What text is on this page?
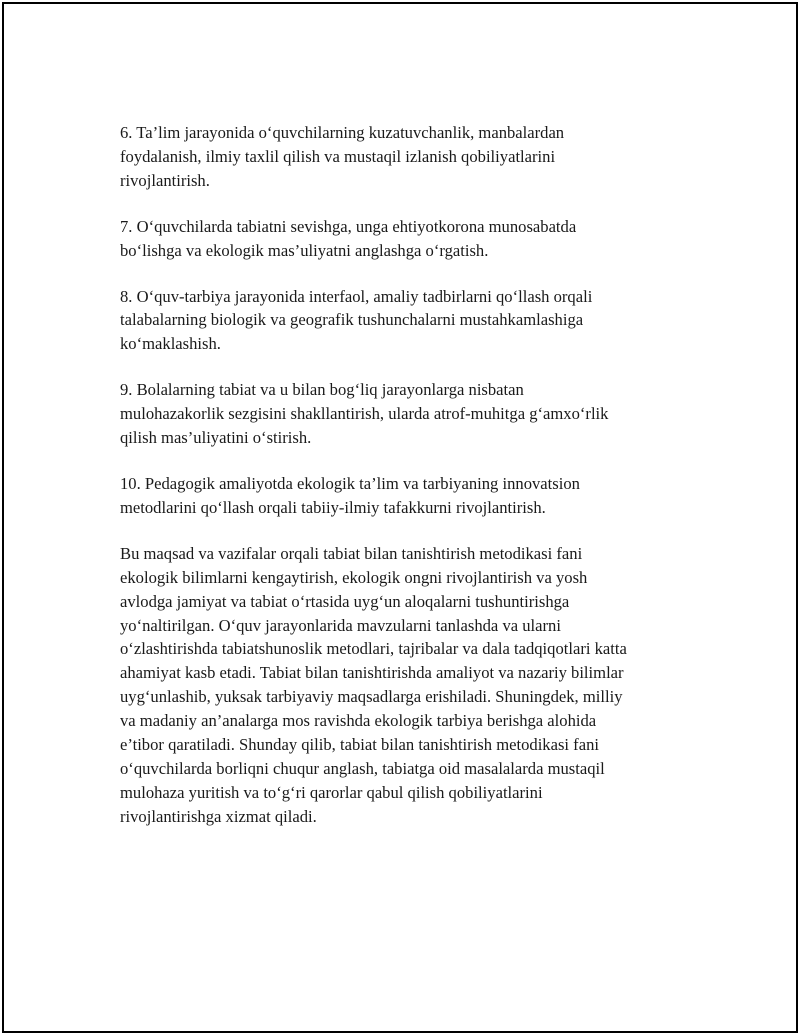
6. Ta’lim jarayonida o‘quvchilarning kuzatuvchanlik, manbalardan
foydalanish, ilmiy taxlil qilish va mustaqil izlanish qobiliyatlarini
rivojlantirish.

7. O‘quvchilarda tabiatni sevishga, unga ehtiyotkorona munosabatda
bo‘lishga va ekologik mas’uliyatni anglashga o‘rgatish.

8. O‘quv-tarbiya jarayonida interfaol, amaliy tadbirlarni qo‘llash orqali
talabalarning biologik va geografik tushunchalarni mustahkamlashiga
ko‘maklashish.

9. Bolalarning tabiat va u bilan bog‘liq jarayonlarga nisbatan
mulohazakorlik sezgisini shakllantirish, ularda atrof-muhitga g‘amxo‘rlik
qilish mas’uliyatini o‘stirish.

10. Pedagogik amaliyotda ekologik ta’lim va tarbiyaning innovatsion
metodlarini qo‘llash orqali tabiiy-ilmiy tafakkurni rivojlantirish.

Bu maqsad va vazifalar orqali tabiat bilan tanishtirish metodikasi fani
ekologik bilimlarni kengaytirish, ekologik ongni rivojlantirish va yosh
avlodga jamiyat va tabiat o‘rtasida uyg‘un aloqalarni tushuntirishga
yo‘naltirilgan. O‘quv jarayonlarida mavzularni tanlashda va ularni
o‘zlashtirishda tabiatshunoslik metodlari, tajribalar va dala tadqiqotlari katta
ahamiyat kasb etadi. Tabiat bilan tanishtirishda amaliyot va nazariy bilimlar
uyg‘unlashib, yuksak tarbiyaviy maqsadlarga erishiladi. Shuningdek, milliy
va madaniy an’analarga mos ravishda ekologik tarbiya berishga alohida
e’tibor qaratiladi. Shunday qilib, tabiat bilan tanishtirish metodikasi fani
o‘quvchilarda borliqni chuqur anglash, tabiatga oid masalalarda mustaqil
mulohaza yuritish va to‘g‘ri qarorlar qabul qilish qobiliyatlarini
rivojlantirishga xizmat qiladi.
